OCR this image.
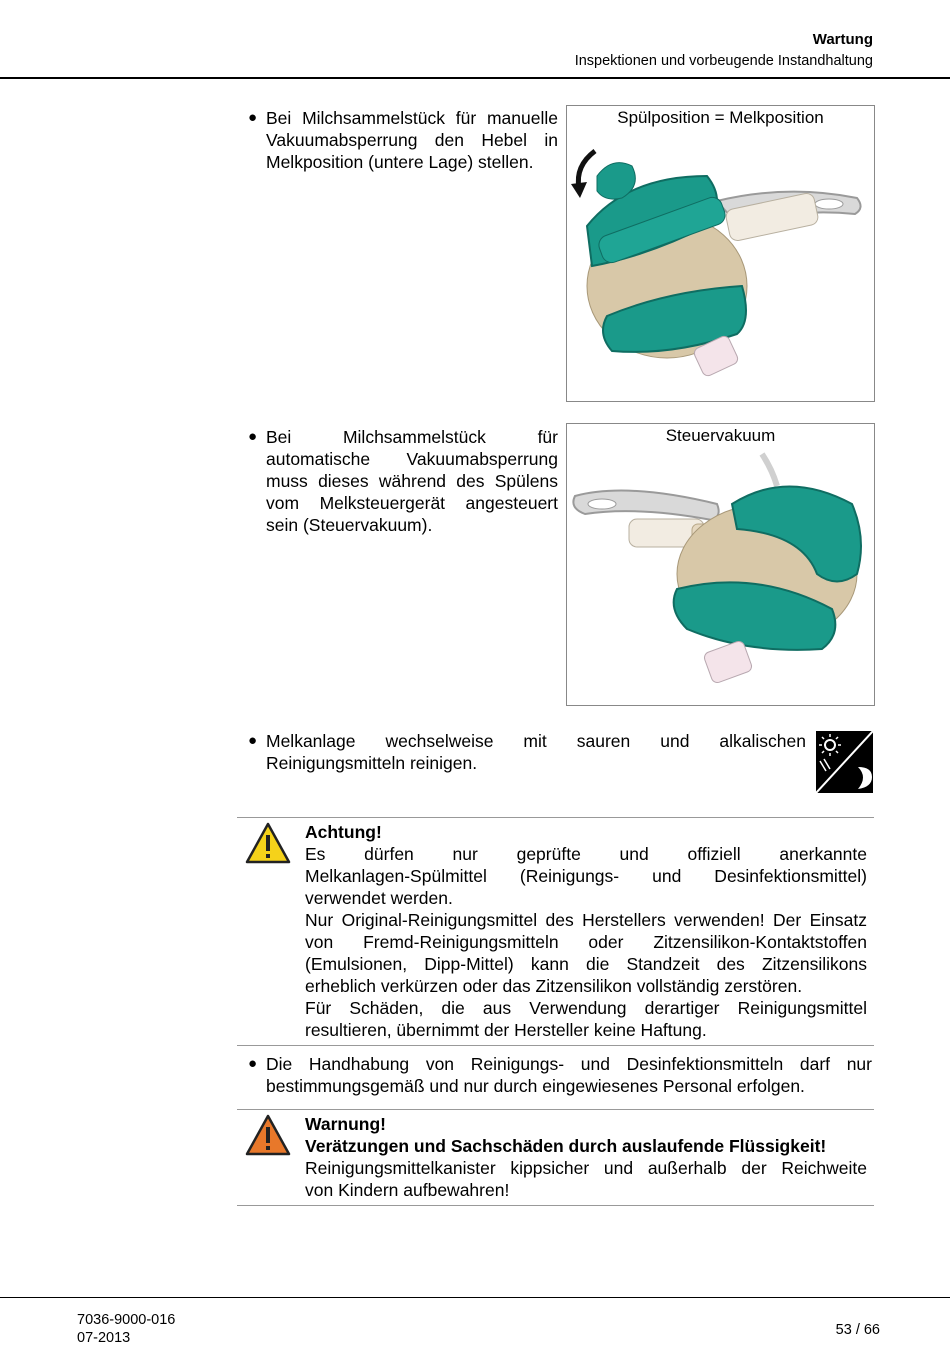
Wartung
Inspektionen und vorbeugende Instandhaltung
● Bei Milchsammelstück für manuelle
Vakuumabsperrung den Hebel in
Melkposition (untere Lage) stellen.
Spülposition = Melkposition
● Bei Milchsammelstück für
automatische Vakuumabsperrung
muss dieses während des Spülens
vom Melksteuergerät angesteuert
sein (Steuervakuum).
Steuervakuum
● Melkanlage wechselweise mit sauren und alkalischen
Reinigungsmitteln reinigen.
Achtung!
Es dürfen nur geprüfte und offiziell anerkannte
Melkanlagen-Spülmittel (Reinigungs- und Desinfektionsmittel)
verwendet werden.
Nur Original-Reinigungsmittel des Herstellers verwenden! Der Einsatz
von Fremd-Reinigungsmitteln oder Zitzensilikon-Kontaktstoffen
(Emulsionen, Dipp-Mittel) kann die Standzeit des Zitzensilikons
erheblich verkürzen oder das Zitzensilikon vollständig zerstören.
Für Schäden, die aus Verwendung derartiger Reinigungsmittel
resultieren, übernimmt der Hersteller keine Haftung.
● Die Handhabung von Reinigungs- und Desinfektionsmitteln darf nur
bestimmungsgemäß und nur durch eingewiesenes Personal erfolgen.
Warnung!
Verätzungen und Sachschäden durch auslaufende Flüssigkeit!
Reinigungsmittelkanister kippsicher und außerhalb der Reichweite
von Kindern aufbewahren!
7036-9000-016
07-2013	53 / 66
